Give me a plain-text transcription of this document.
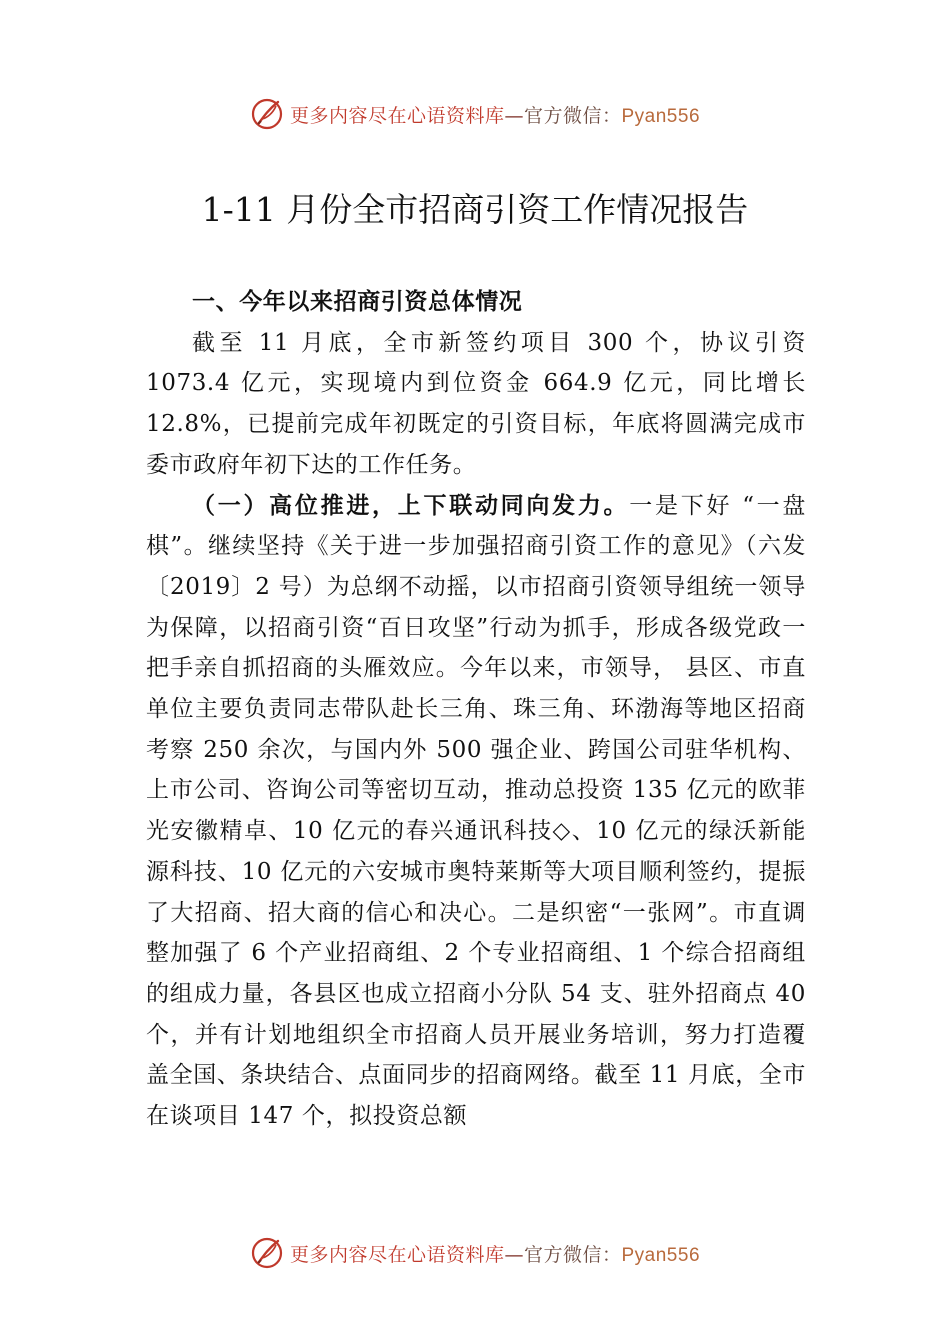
更多内容尽在心语资料库—官方微信：Pyan556
1-11 月份全市招商引资工作情况报告
一、今年以来招商引资总体情况

截至 11 月底，全市新签约项目 300 个，协议引资 1073.4 亿元，实现境内到位资金 664.9 亿元，同比增长 12.8%，已提前完成年初既定的引资目标，年底将圆满完成市委市政府年初下达的工作任务。

（一）高位推进，上下联动同向发力。一是下好 “一盘棋”。继续坚持《关于进一步加强招商引资工作的意见》（六发〔2019〕2 号）为总纲不动摇，以市招商引资领导组统一领导为保障，以招商引资“百日攻坚”行动为抓手，形成各级党政一把手亲自抓招商的头雁效应。今年以来，市领导， 县区、市直单位主要负责同志带队赴长三角、珠三角、环渤海等地区招商考察 250 余次，与国内外 500 强企业、跨国公司驻华机构、上市公司、咨询公司等密切互动，推动总投资 135 亿元的欧菲光安徽精卓、10 亿元的春兴通讯科技◇、10 亿元的绿沃新能源科技、10 亿元的六安城市奥特莱斯等大项目顺利签约，提振了大招商、招大商的信心和决心。二是织密“一张网”。市直调整加强了 6 个产业招商组、2 个专业招商组、1 个综合招商组的组成力量，各县区也成立招商小分队 54 支、驻外招商点 40 个，并有计划地组织全市招商人员开展业务培训，努力打造覆盖全国、条块结合、点面同步的招商网络。截至 11 月底，全市在谈项目 147 个，拟投资总额

更多内容尽在心语资料库—官方微信：Pyan556
